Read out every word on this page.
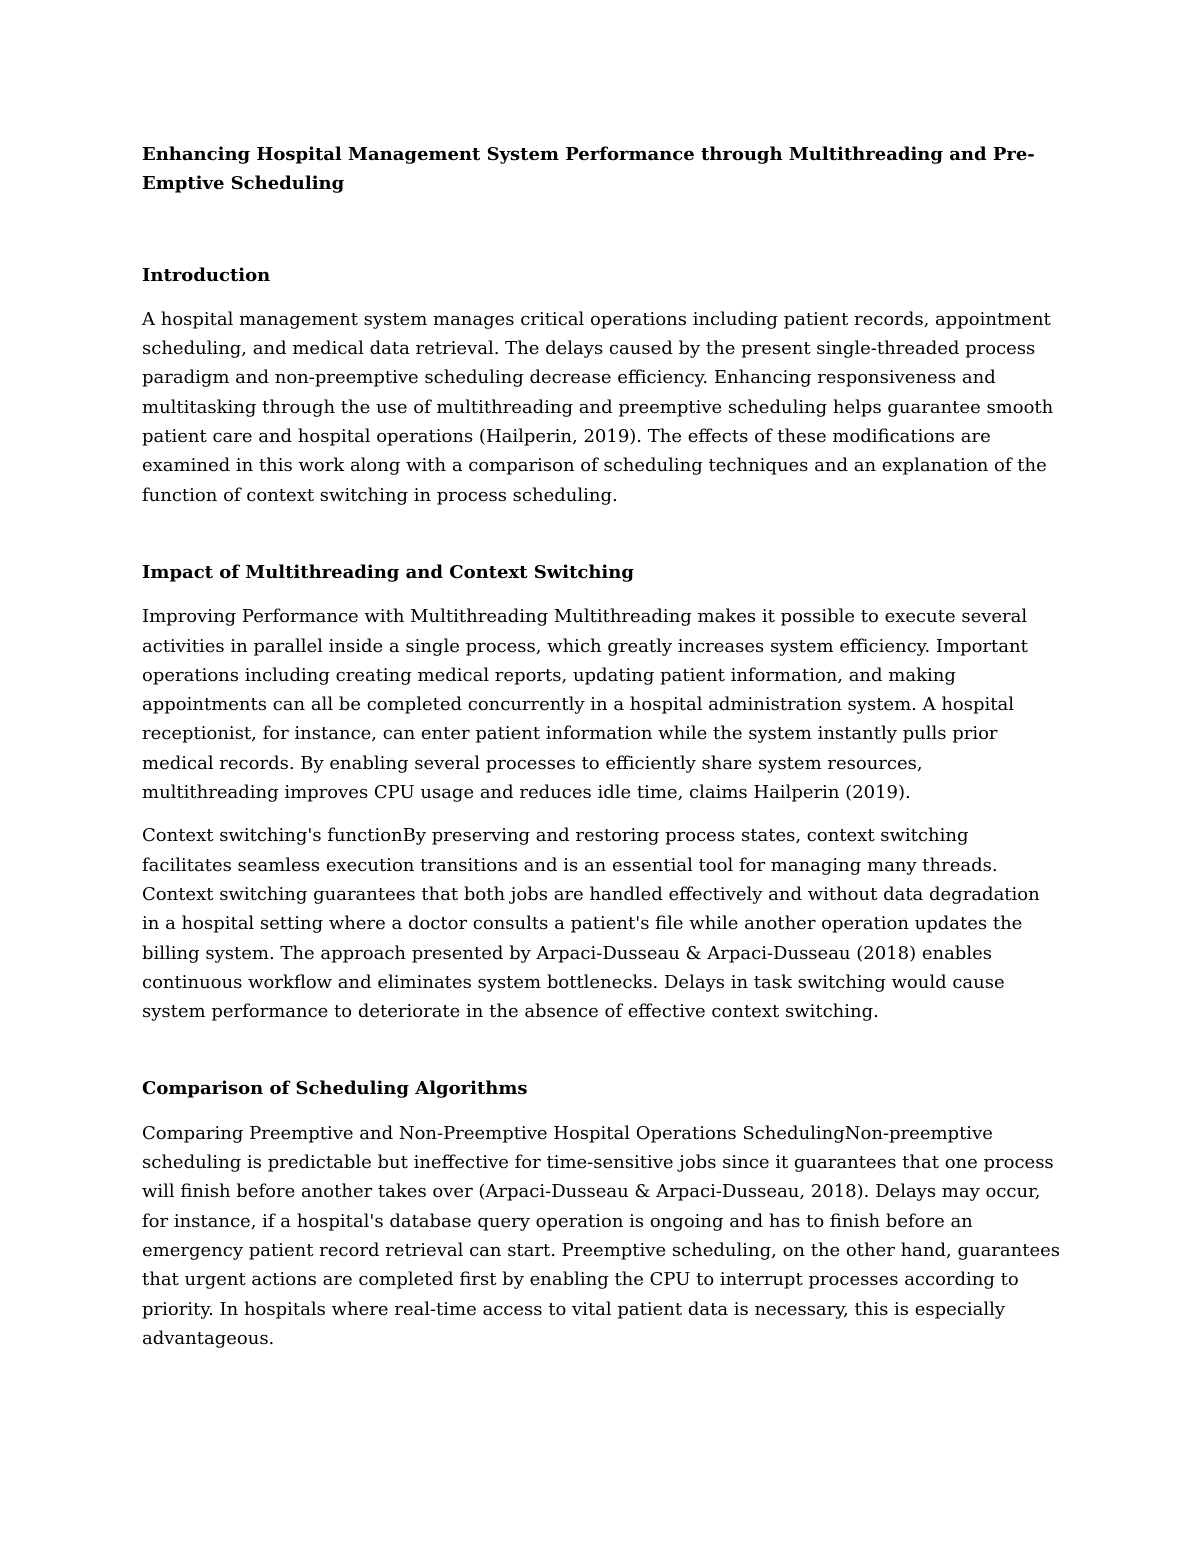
Enhancing Hospital Management System Performance through Multithreading and Pre-Emptive Scheduling
Introduction

A hospital management system manages critical operations including patient records, appointment scheduling, and medical data retrieval. The delays caused by the present single-threaded process paradigm and non-preemptive scheduling decrease efficiency. Enhancing responsiveness and multitasking through the use of multithreading and preemptive scheduling helps guarantee smooth patient care and hospital operations (Hailperin, 2019). The effects of these modifications are examined in this work along with a comparison of scheduling techniques and an explanation of the function of context switching in process scheduling.

Impact of Multithreading and Context Switching

Improving Performance with Multithreading Multithreading makes it possible to execute several activities in parallel inside a single process, which greatly increases system efficiency. Important operations including creating medical reports, updating patient information, and making appointments can all be completed concurrently in a hospital administration system. A hospital receptionist, for instance, can enter patient information while the system instantly pulls prior medical records. By enabling several processes to efficiently share system resources, multithreading improves CPU usage and reduces idle time, claims Hailperin (2019).

Context switching's functionBy preserving and restoring process states, context switching facilitates seamless execution transitions and is an essential tool for managing many threads. Context switching guarantees that both jobs are handled effectively and without data degradation in a hospital setting where a doctor consults a patient's file while another operation updates the billing system. The approach presented by Arpaci-Dusseau & Arpaci-Dusseau (2018) enables continuous workflow and eliminates system bottlenecks. Delays in task switching would cause system performance to deteriorate in the absence of effective context switching.

Comparison of Scheduling Algorithms

Comparing Preemptive and Non-Preemptive Hospital Operations SchedulingNon-preemptive scheduling is predictable but ineffective for time-sensitive jobs since it guarantees that one process will finish before another takes over (Arpaci-Dusseau & Arpaci-Dusseau, 2018). Delays may occur, for instance, if a hospital's database query operation is ongoing and has to finish before an emergency patient record retrieval can start. Preemptive scheduling, on the other hand, guarantees that urgent actions are completed first by enabling the CPU to interrupt processes according to priority. In hospitals where real-time access to vital patient data is necessary, this is especially advantageous.
